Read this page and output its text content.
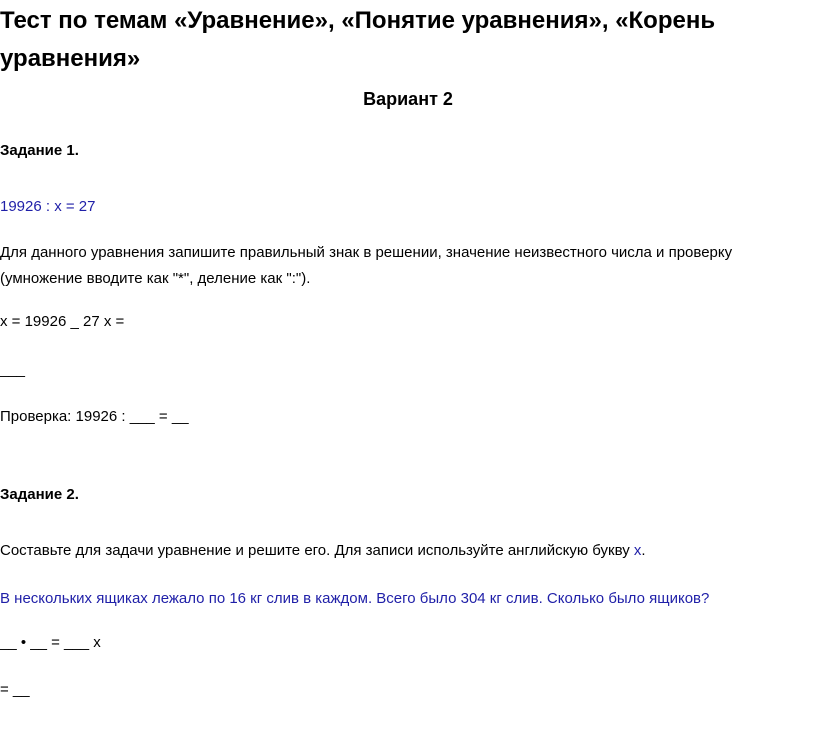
Тест по темам «Уравнение», «Понятие уравнения», «Корень уравнения»
Вариант 2

Задание 1.

19926 : х = 27

Для данного уравнения запишите правильный знак в решении, значение неизвестного числа и проверку (умножение вводите как "*", деление как ":").

х = 19926 _ 27 х =

___

Проверка: 19926 : ___ = __

Задание 2.

Составьте для задачи уравнение и решите его. Для записи используйте английскую букву x.

В нескольких ящиках лежало по 16 кг слив в каждом. Всего было 304 кг слив. Сколько было ящиков?

__ • __ = ___ х

= __
